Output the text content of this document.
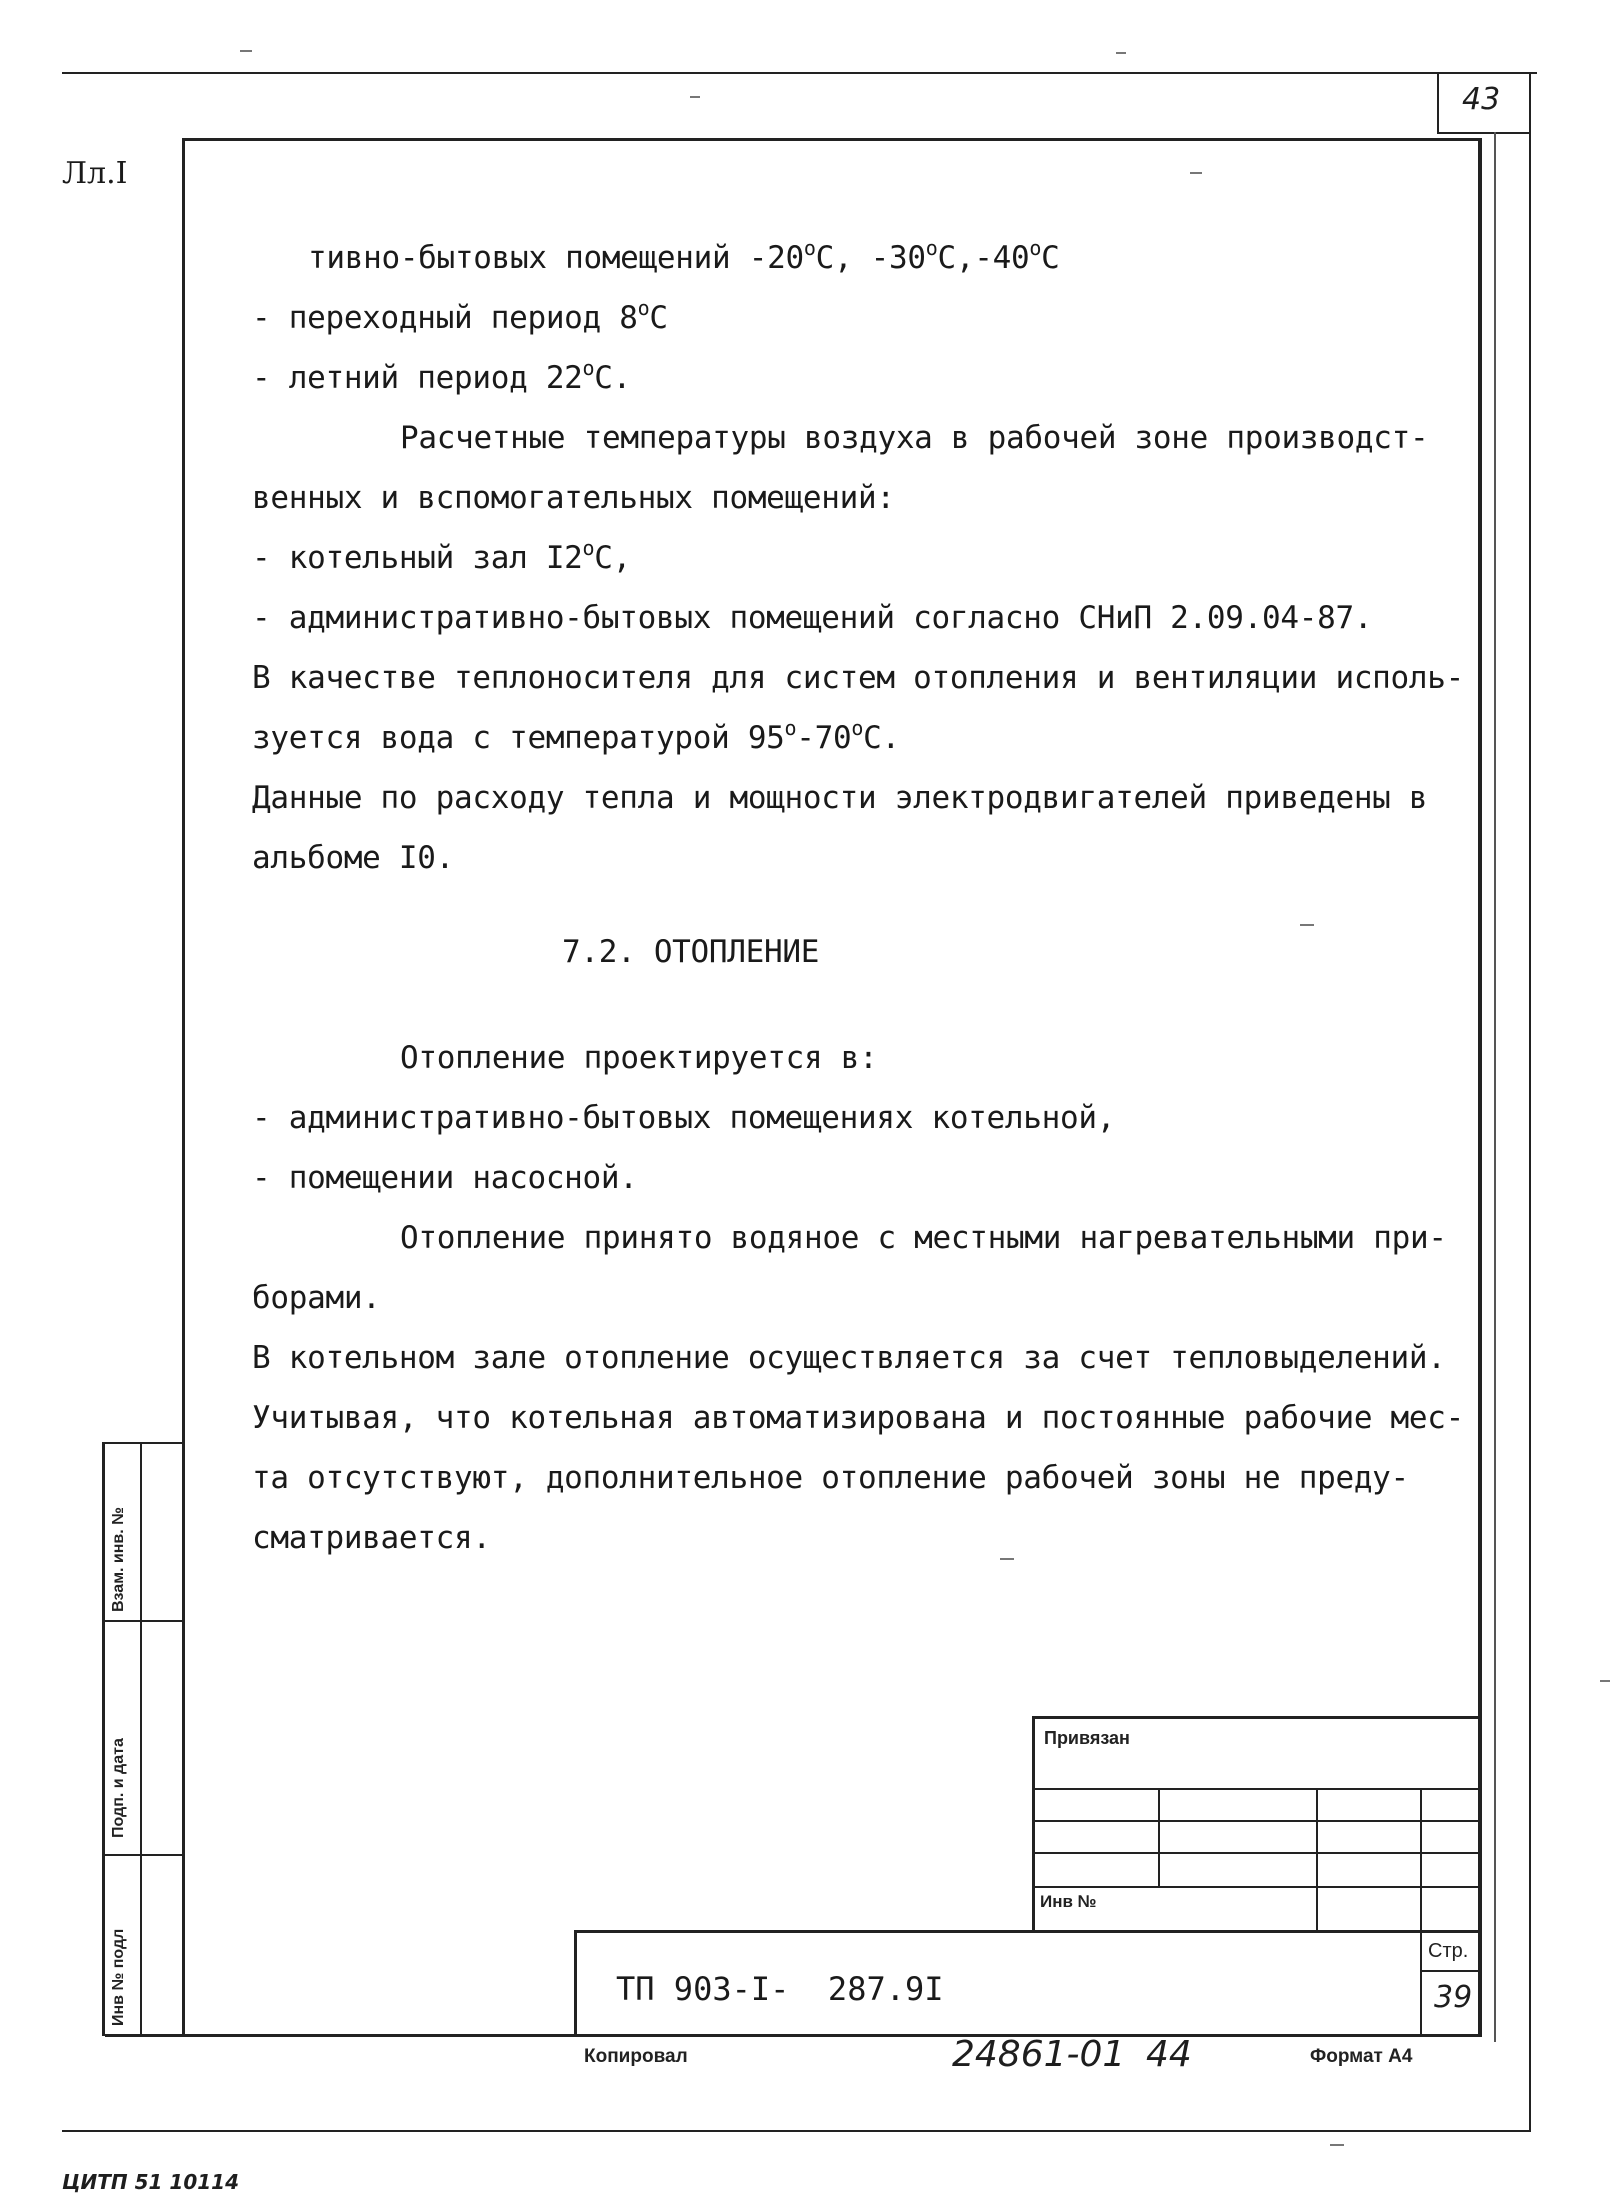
43
Лл.I
тивно-бытовых помещений -20$^o$С, -30$^o$С,-40$^o$С
- переходный период 8$^o$С
- летний период 22$^o$С.
Расчетные температуры воздуха в рабочей зоне производст-
венных и вспомогательных помещений:
- котельный зал I2$^o$С,
- административно-бытовых помещений согласно СНиП 2.09.04-87.
В качестве теплоносителя для систем отопления и вентиляции исполь-
зуется вода с температурой 95$^o$-70$^o$С.
Данные по расходу тепла и мощности электродвигателей приведены в
альбоме I0.
7.2. ОТОПЛЕНИЕ
Отопление проектируется в:
- административно-бытовых помещениях котельной,
- помещении насосной.
Отопление принято водяное с местными нагревательными при-
борами.
В котельном зале отопление осуществляется за счет тепловыделений.
Учитывая, что котельная автоматизирована и постоянные рабочие мес-
та отсутствуют, дополнительное отопление рабочей зоны не преду-
сматривается.
Взам. инв. №
Подп. и дата
Инв № подл
Привязан
Инв №
ТП 903-I-  287.9I
Стр.
39
Копировал	24861-01 44	Формат А4
ЦИТП 51 10114
